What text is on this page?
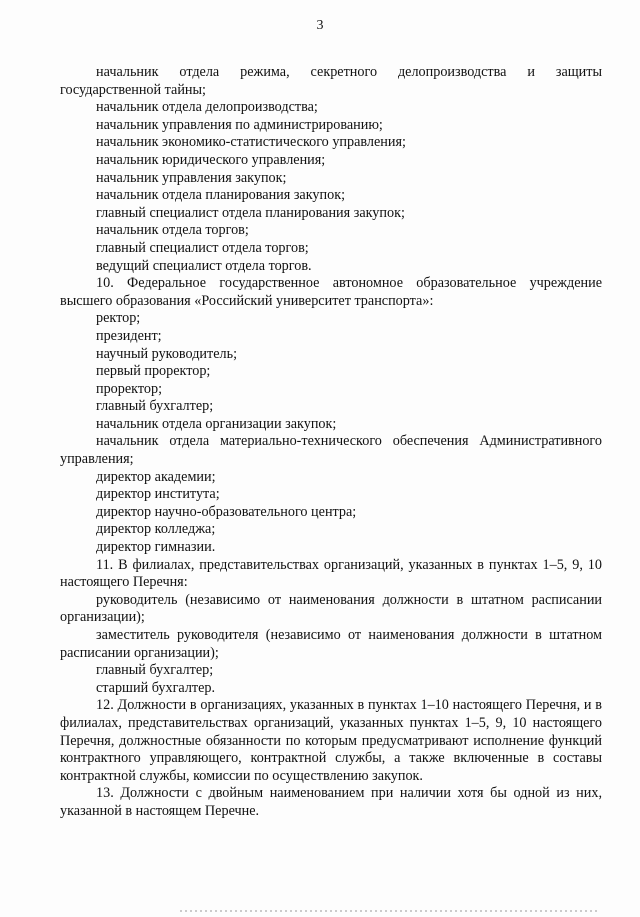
3

начальник отдела режима, секретного делопроизводства и защиты государственной тайны;

начальник отдела делопроизводства;

начальник управления по администрированию;

начальник экономико-статистического управления;

начальник юридического управления;

начальник управления закупок;

начальник отдела планирования закупок;

главный специалист отдела планирования закупок;

начальник отдела торгов;

главный специалист отдела торгов;

ведущий специалист отдела торгов.

10. Федеральное государственное автономное образовательное учреждение высшего образования «Российский университет транспорта»:

ректор;

президент;

научный руководитель;

первый проректор;

проректор;

главный бухгалтер;

начальник отдела организации закупок;

начальник отдела материально-технического обеспечения Административного управления;

директор академии;

директор института;

директор научно-образовательного центра;

директор колледжа;

директор гимназии.

11. В филиалах, представительствах организаций, указанных в пунктах 1–5, 9, 10 настоящего Перечня:

руководитель (независимо от наименования должности в штатном расписании организации);

заместитель руководителя (независимо от наименования должности в штатном расписании организации);

главный бухгалтер;

старший бухгалтер.

12. Должности в организациях, указанных в пунктах 1–10 настоящего Перечня, и в филиалах, представительствах организаций, указанных пунктах 1–5, 9, 10 настоящего Перечня, должностные обязанности по которым предусматривают исполнение функций контрактного управляющего, контрактной службы, а также включенные в составы контрактной службы, комиссии по осуществлению закупок.

13. Должности с двойным наименованием при наличии хотя бы одной из них, указанной в настоящем Перечне.
